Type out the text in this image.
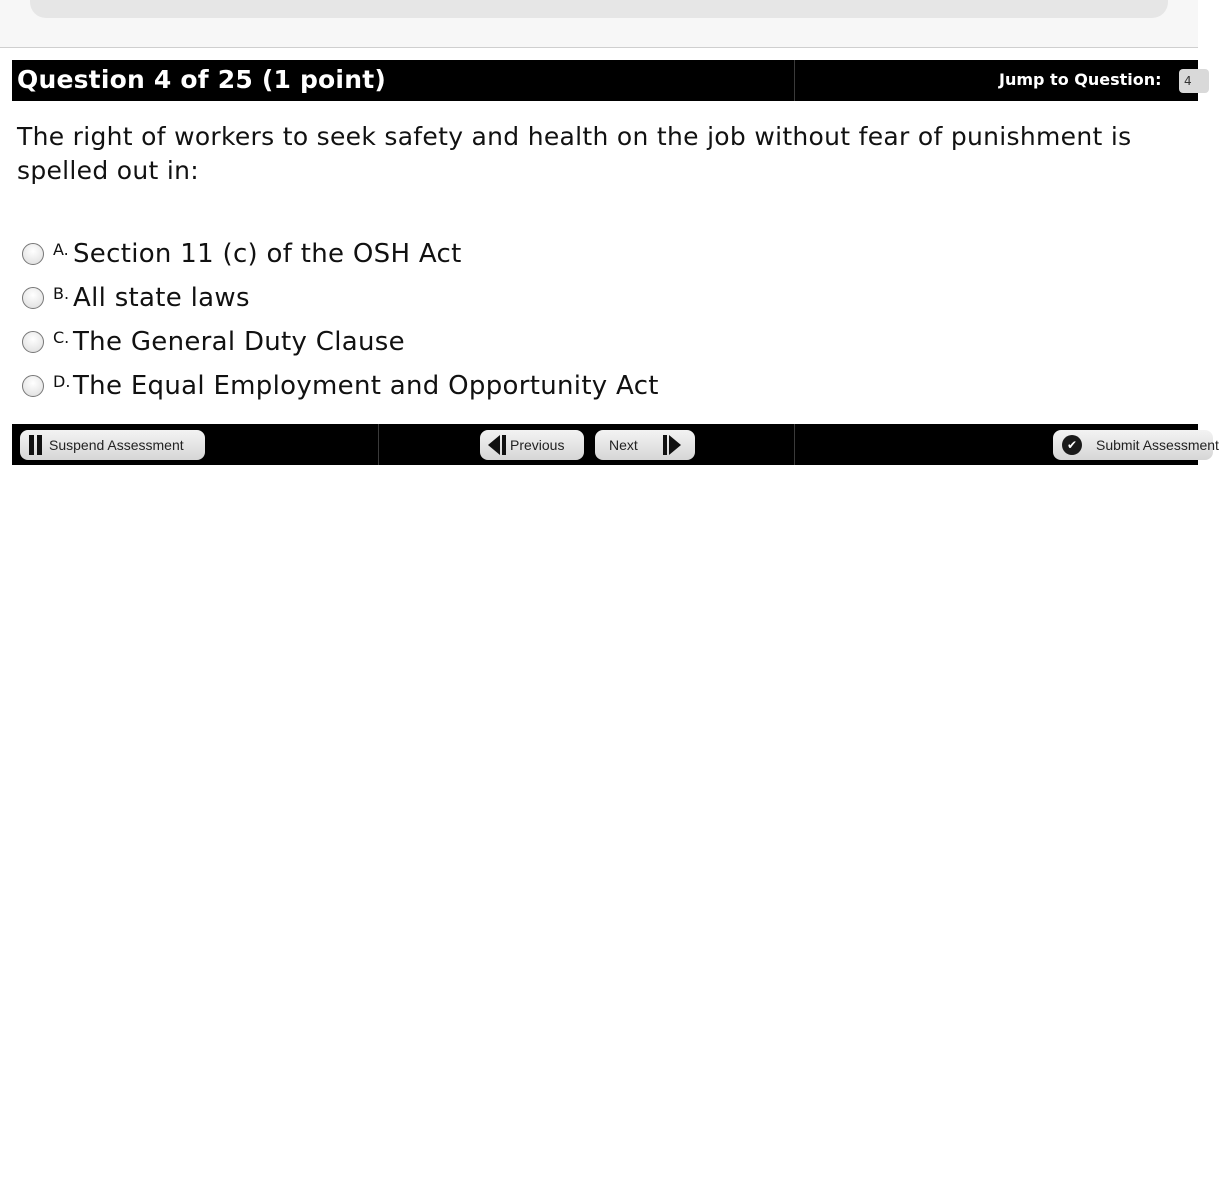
Question 4 of 25 (1 point)	Jump to Question:	4
The right of workers to seek safety and health on the job without fear of punishment is spelled out in:
A. Section 11 (c) of the OSH Act
B. All state laws
C. The General Duty Clause
D. The Equal Employment and Opportunity Act
Suspend Assessment	Previous	Next	✔	Submit Assessment
